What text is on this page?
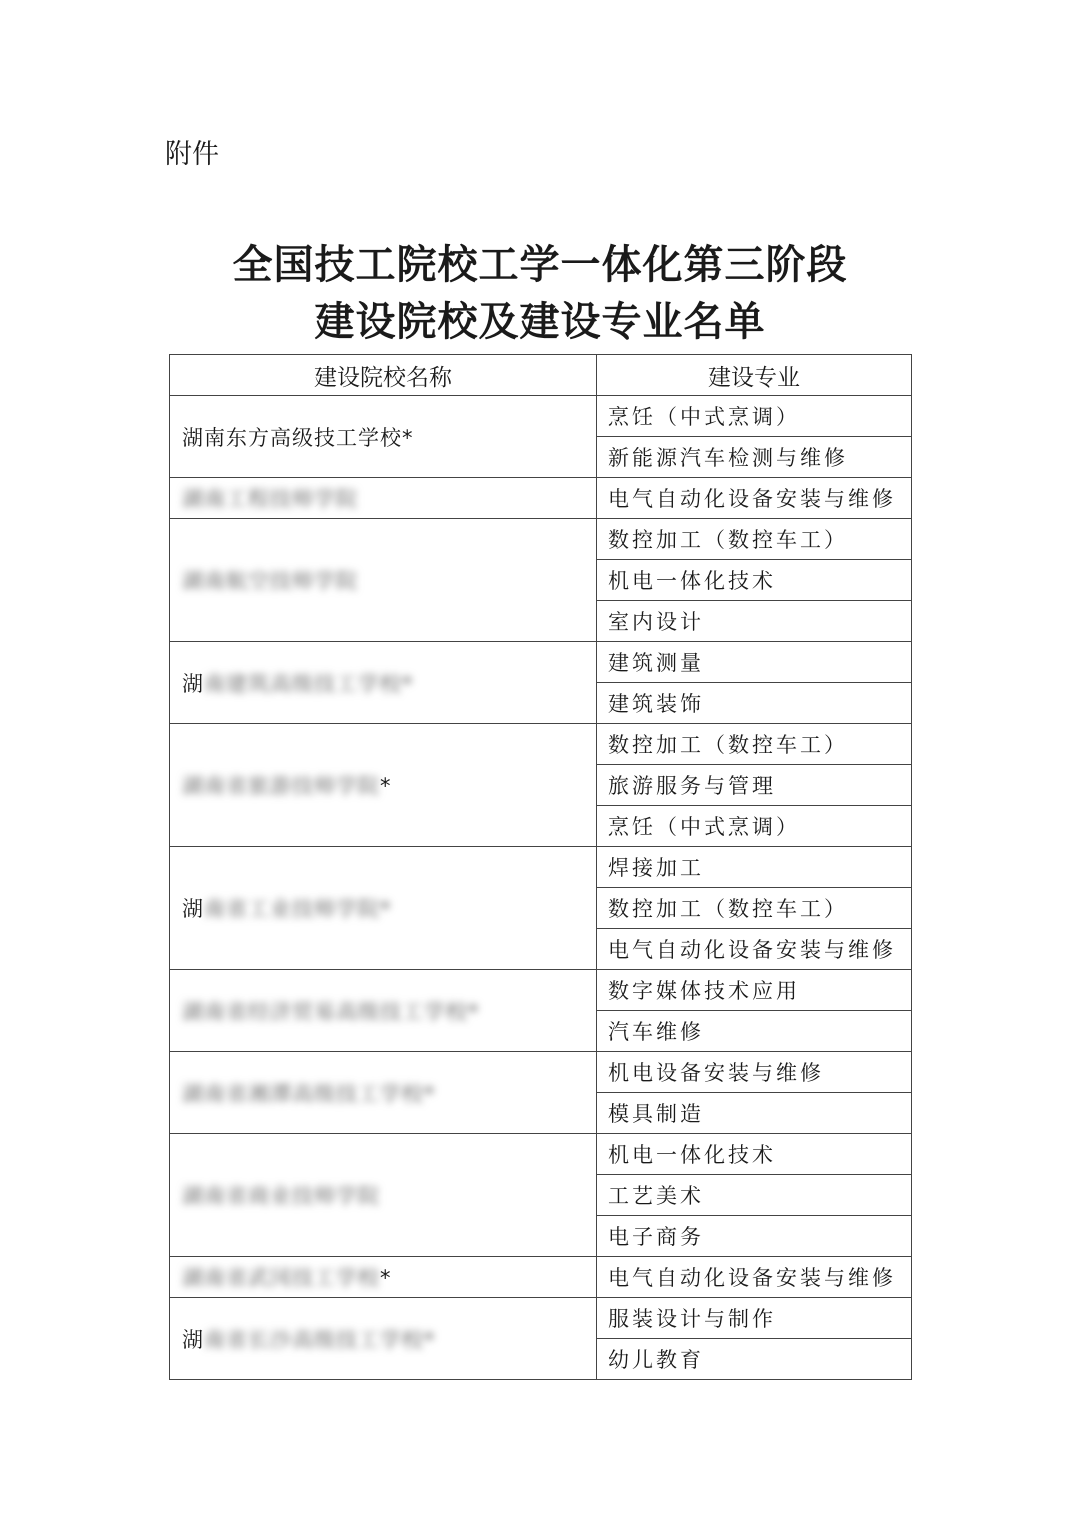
附件
全国技工院校工学一体化第三阶段
建设院校及建设专业名单
建设院校名称	建设专业
湖南东方高级技工学校*	烹饪（中式烹调）
	新能源汽车检测与维修
湖南工程技师学院	电气自动化设备安装与维修
湖南航空技师学院	数控加工（数控车工）
	机电一体化技术
	室内设计
湖南建筑高级技工学校*	建筑测量
	建筑装饰
湖南省旅游技师学院*	数控加工（数控车工）
	旅游服务与管理
	烹饪（中式烹调）
湖南省工业技师学院*	焊接加工
	数控加工（数控车工）
	电气自动化设备安装与维修
湖南省经济贸易高级技工学校*	数字媒体技术应用
	汽车维修
湖南省湘潭高级技工学校*	机电设备安装与维修
	模具制造
湖南省商业技师学院	机电一体化技术
	工艺美术
	电子商务
湖南省武冈技工学校*	电气自动化设备安装与维修
湖南省长沙高级技工学校*	服装设计与制作
	幼儿教育
